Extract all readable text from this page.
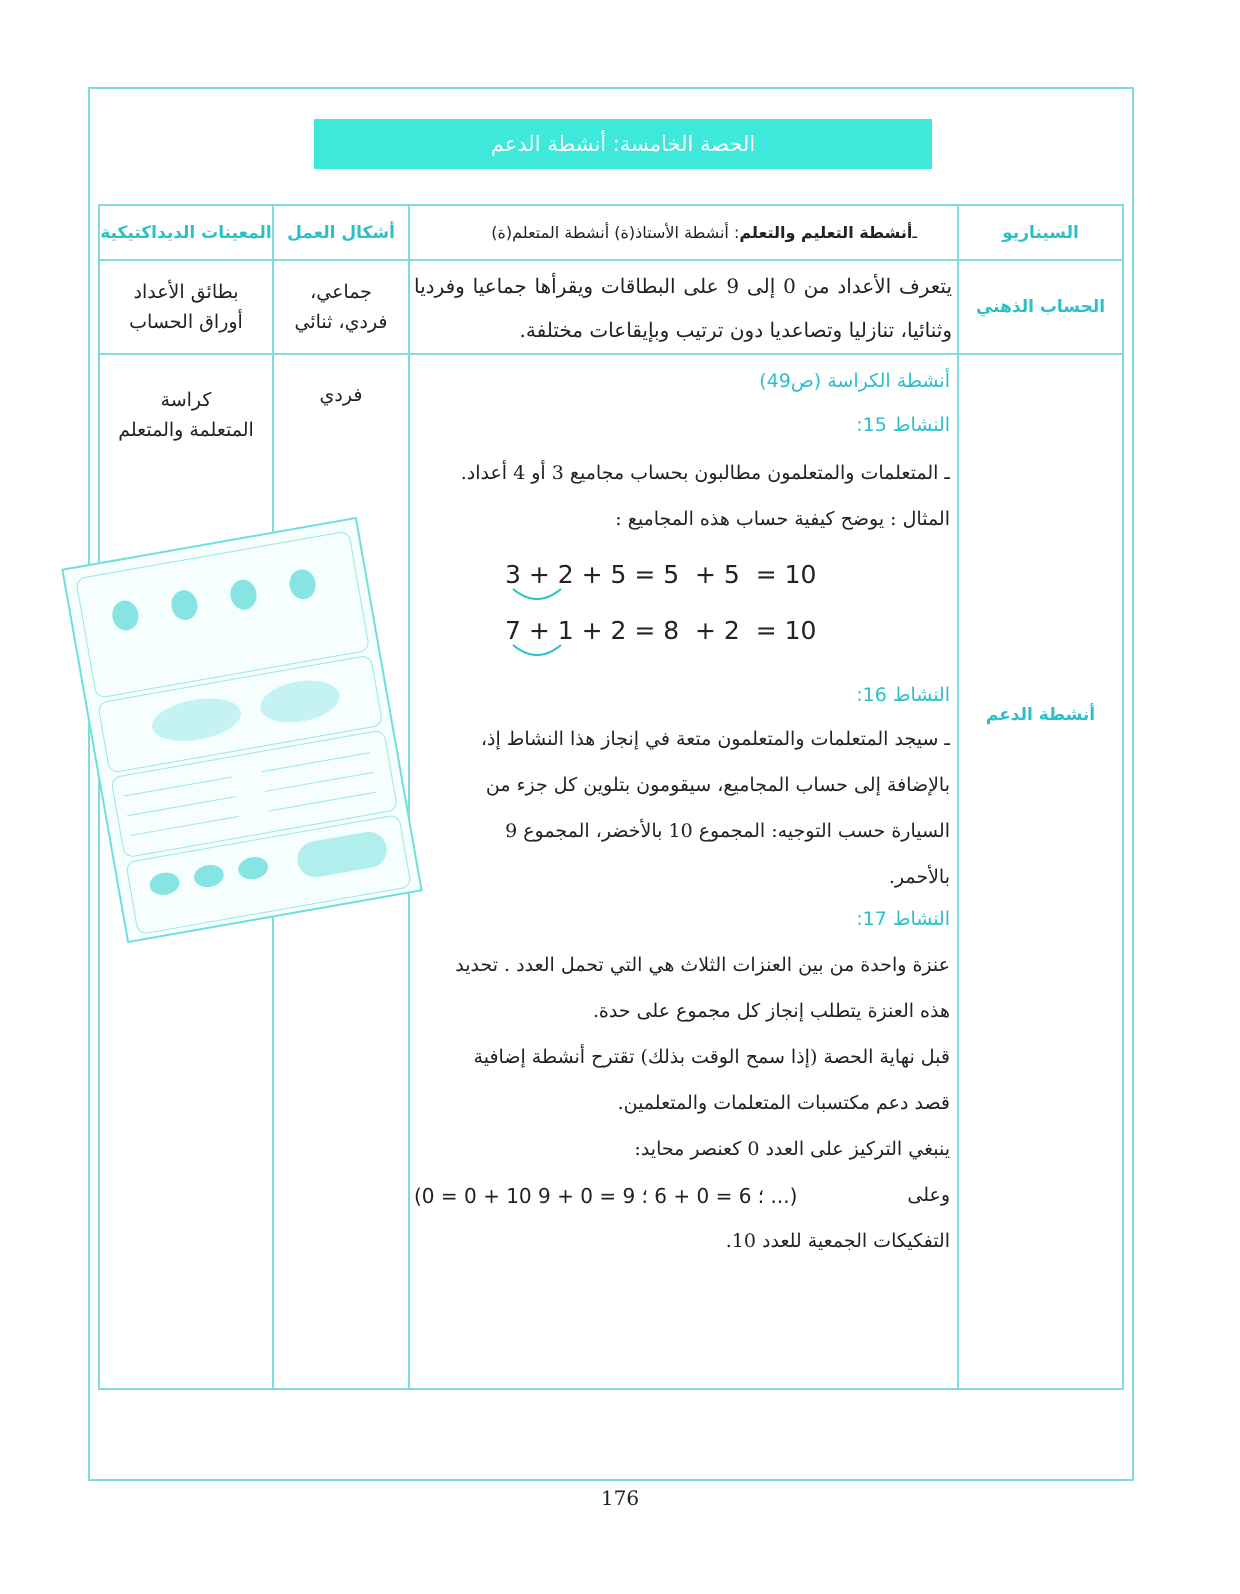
الحصة الخامسة: أنشطة الدعم
السيناريو
ـ
أنشطة التعليم والتعلم
: أنشطة الأستاذ(ة) أنشطة المتعلم(ة)
أشكال العمل
المعينات الديداكتيكية
الحساب الذهني
يتعرف الأعداد من 0 إلى 9 على البطاقات ويقرأها جماعيا وفرديا وثنائيا، تنازليا وتصاعديا دون ترتيب وبإيقاعات مختلفة.
جماعي،
فردي، ثنائي
بطائق الأعداد
أوراق الحساب
أنشطة الدعم
فردي
كراسة
المتعلمة والمتعلم
أنشطة الكراسة (ص49)
النشاط 15:
ـ المتعلمات والمتعلمون مطالبون بحساب مجاميع 3 أو 4 أعداد.
المثال : يوضح كيفية حساب هذه المجاميع :
النشاط 16:
ـ سيجد المتعلمات والمتعلمون متعة في إنجاز هذا النشاط إذ،
بالإضافة إلى حساب المجاميع، سيقومون بتلوين كل جزء من
السيارة حسب التوجيه: المجموع 10 بالأخضر، المجموع 9
بالأحمر.
النشاط 17:
عنزة واحدة من بين العنزات الثلاث هي التي تحمل العدد . تحديد
هذه العنزة يتطلب إنجاز كل مجموع على حدة.
قبل نهاية الحصة (إذا سمح الوقت بذلك) تقترح أنشطة إضافية
قصد دعم مكتسبات المتعلمات والمتعلمين.
ينبغي التركيز على العدد 0 كعنصر محايد:
وعلى
(0 = 0 + 10 ؛ 6 = 0 + 6 ؛ 9 = 0 + 9 ...)
التفكيكات الجمعية للعدد 10.
3 + 2 + 5 = 5  + 5  = 10
7 + 1 + 2 = 8  + 2  = 10
176
